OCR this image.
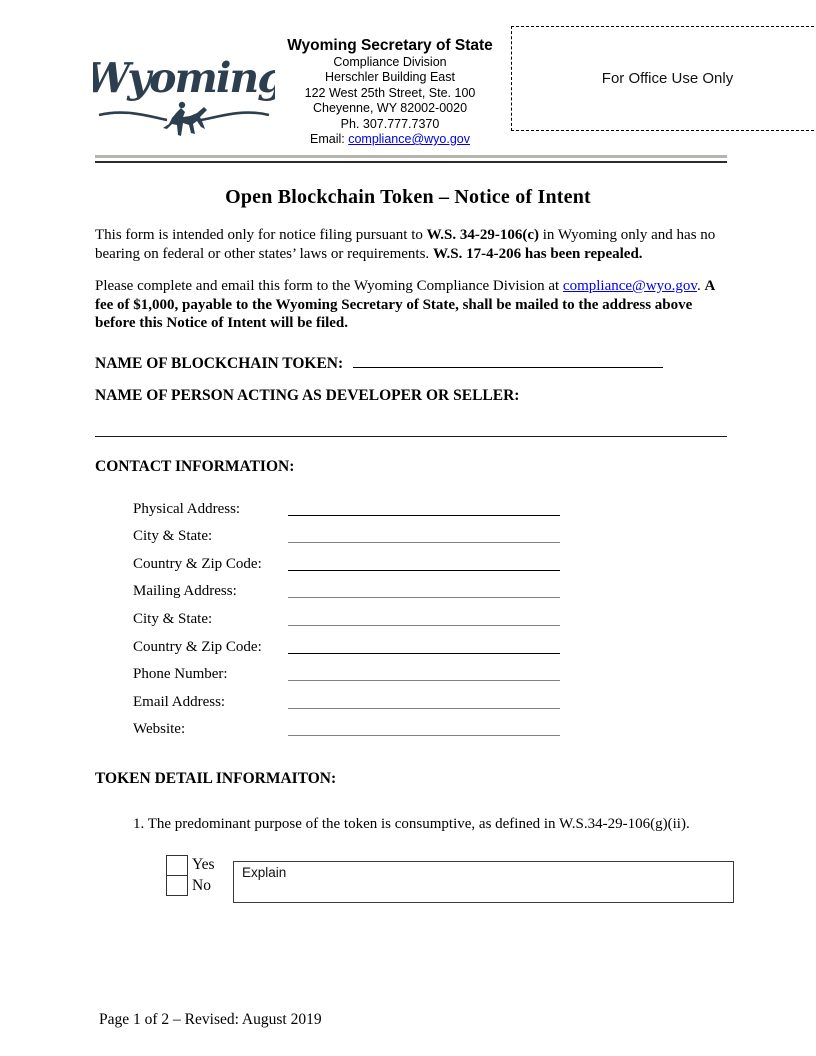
Wyoming
Wyoming Secretary of State
Compliance Division
Herschler Building East
122 West 25th Street, Ste. 100
Cheyenne, WY 82002-0020
Ph. 307.777.7370
Email: compliance@wyo.gov
For Office Use Only
Open Blockchain Token – Notice of Intent
This form is intended only for notice filing pursuant to W.S. 34-29-106(c) in Wyoming only and has no bearing on federal or other states’ laws or requirements. W.S. 17-4-206 has been repealed.
Please complete and email this form to the Wyoming Compliance Division at compliance@wyo.gov. A fee of $1,000, payable to the Wyoming Secretary of State, shall be mailed to the address above before this Notice of Intent will be filed.
NAME OF BLOCKCHAIN TOKEN:
NAME OF PERSON ACTING AS DEVELOPER OR SELLER:
CONTACT INFORMATION:
Physical Address:
City & State:
Country & Zip Code:
Mailing Address:
City & State:
Country & Zip Code:
Phone Number:
Email Address:
Website:
TOKEN DETAIL INFORMAITON:
1. The predominant purpose of the token is consumptive, as defined in W.S.34-29-106(g)(ii).
Yes
No
Explain
Page 1 of 2 – Revised: August 2019
